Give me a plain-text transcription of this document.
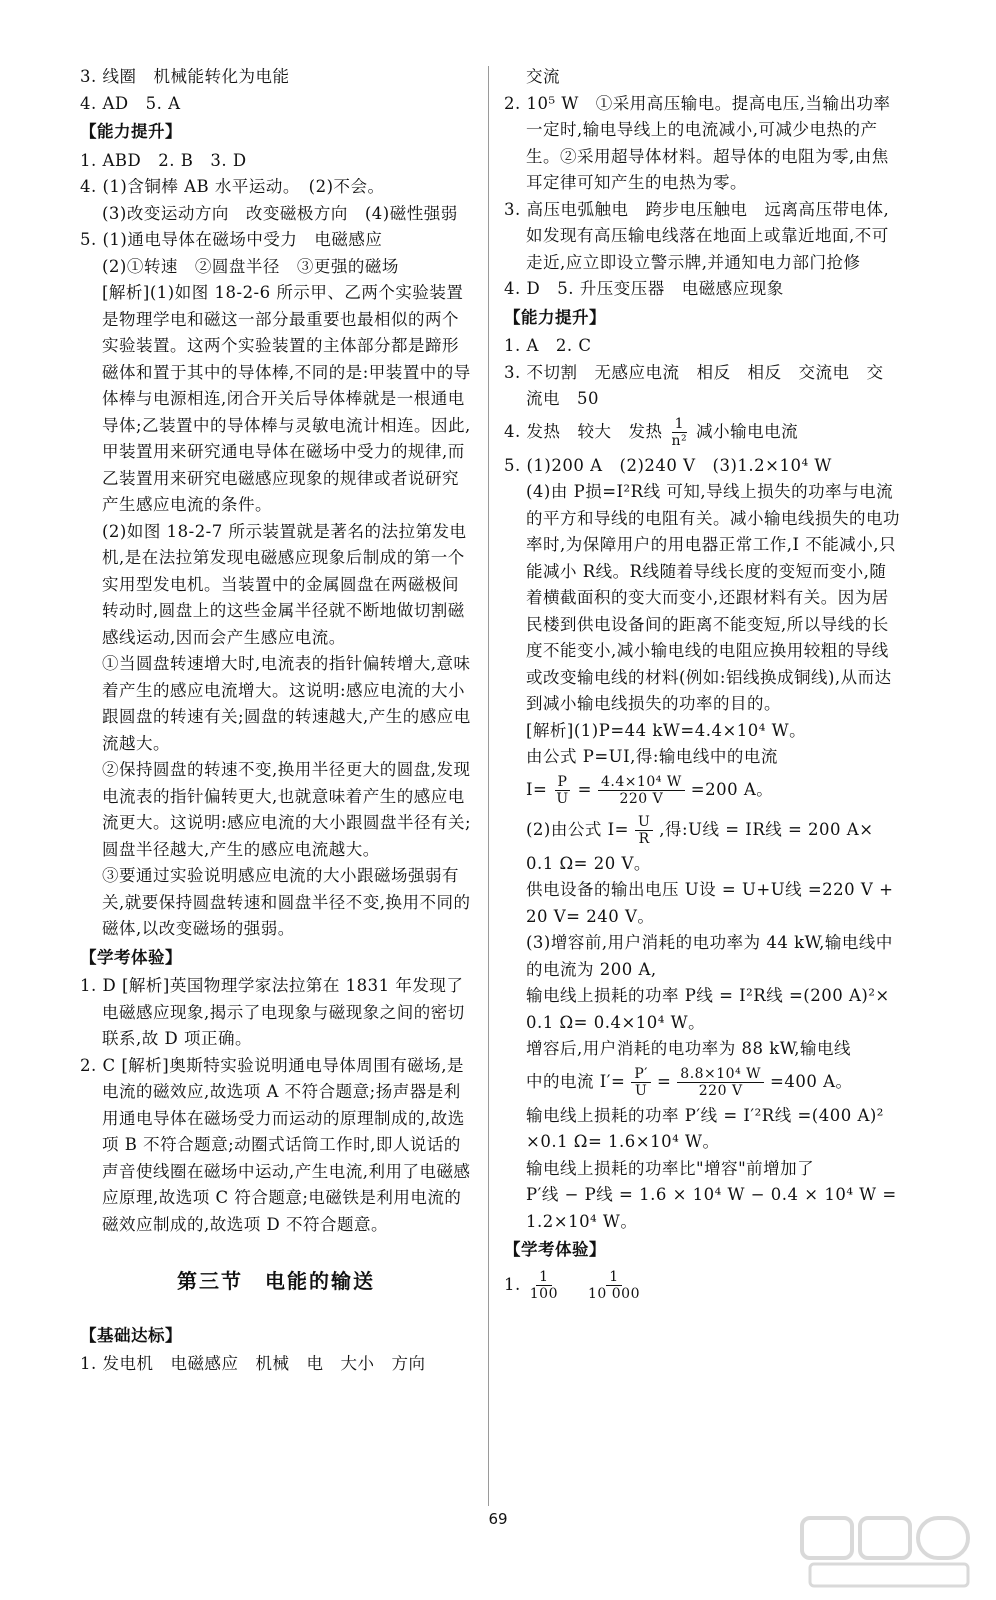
3. 线圈　机械能转化为电能

4. AD　5. A

【能力提升】

1. ABD　2. B　3. D

4. (1)含铜棒 AB 水平运动。　(2)不会。

(3)改变运动方向　改变磁极方向　(4)磁性强弱

5. (1)通电导体在磁场中受力　电磁感应

(2)①转速　②圆盘半径　③更强的磁场

[解析](1)如图 18-2-6 所示甲、乙两个实验装置是物理学电和磁这一部分最重要也最相似的两个实验装置。这两个实验装置的主体部分都是蹄形磁体和置于其中的导体棒,不同的是:甲装置中的导体棒与电源相连,闭合开关后导体棒就是一根通电导体;乙装置中的导体棒与灵敏电流计相连。因此,甲装置用来研究通电导体在磁场中受力的规律,而乙装置用来研究电磁感应现象的规律或者说研究产生感应电流的条件。

(2)如图 18-2-7 所示装置就是著名的法拉第发电机,是在法拉第发现电磁感应现象后制成的第一个实用型发电机。当装置中的金属圆盘在两磁极间转动时,圆盘上的这些金属半径就不断地做切割磁感线运动,因而会产生感应电流。

①当圆盘转速增大时,电流表的指针偏转增大,意味着产生的感应电流增大。这说明:感应电流的大小跟圆盘的转速有关;圆盘的转速越大,产生的感应电流越大。

②保持圆盘的转速不变,换用半径更大的圆盘,发现电流表的指针偏转更大,也就意味着产生的感应电流更大。这说明:感应电流的大小跟圆盘半径有关;圆盘半径越大,产生的感应电流越大。

③要通过实验说明感应电流的大小跟磁场强弱有关,就要保持圆盘转速和圆盘半径不变,换用不同的磁体,以改变磁场的强弱。

【学考体验】

1. D [解析]英国物理学家法拉第在 1831 年发现了电磁感应现象,揭示了电现象与磁现象之间的密切联系,故 D 项正确。

2. C [解析]奥斯特实验说明通电导体周围有磁场,是电流的磁效应,故选项 A 不符合题意;扬声器是利用通电导体在磁场受力而运动的原理制成的,故选项 B 不符合题意;动圈式话筒工作时,即人说话的声音使线圈在磁场中运动,产生电流,利用了电磁感应原理,故选项 C 符合题意;电磁铁是利用电流的磁效应制成的,故选项 D 不符合题意。

第三节　电能的输送

【基础达标】

1. 发电机　电磁感应　机械　电　大小　方向

交流

2. 10⁵ W　①采用高压输电。提高电压,当输出功率一定时,输电导线上的电流减小,可减少电热的产生。②采用超导体材料。超导体的电阻为零,由焦耳定律可知产生的电热为零。

3. 高压电弧触电　跨步电压触电　远离高压带电体,如发现有高压输电线落在地面上或靠近地面,不可走近,应立即设立警示牌,并通知电力部门抢修

4. D　5. 升压变压器　电磁感应现象

【能力提升】

1. A　2. C

3. 不切割　无感应电流　相反　相反　交流电　交流电　50

4. 发热　较大　发热 $\frac{1}{\text{n²}}$ 减小输电电流

5. (1)200 A　(2)240 V　(3)1.2×10⁴ W

(4)由 P损=I²R线 可知,导线上损失的功率与电流的平方和导线的电阻有关。减小输电线损失的电功率时,为保障用户的用电器正常工作,I 不能减小,只能减小 R线。R线随着导线长度的变短而变小,随着横截面积的变大而变小,还跟材料有关。因为居民楼到供电设备间的距离不能变短,所以导线的长度不能变小,减小输电线的电阻应换用较粗的导线或改变输电线的材料(例如:铝线换成铜线),从而达到减小输电线损失的功率的目的。

[解析](1)P=44 kW=4.4×10⁴ W。

由公式 P=UI,得:输电线中的电流

$I= \frac{P}{U} = \frac{\text{4.4×10⁴ W}}{220 V} =200$ A。
(2)由公式 $I= \frac{U}{R}$ ,得:U线 = IR线 = 200 A×

0.1 Ω= 20 V。

供电设备的输出电压 U设 = U+U线 =220 V + 20 V= 240 V。

(3)增容前,用户消耗的电功率为 44 kW,输电线中的电流为 200 A,

输电线上损耗的功率 P线 = I²R线 =(200 A)²× 0.1 Ω= 0.4×10⁴ W。

增容后,用户消耗的电功率为 88 kW,输电线

中的电流 $I'= \frac{P'}{U} = \frac{\text{8.8×10⁴ W}}{220 V} =400$ A。

输电线上损耗的功率 P′线 = I′²R线 =(400 A)² ×0.1 Ω= 1.6×10⁴ W。

输电线上损耗的功率比"增容"前增加了

P′线 − P线 = 1.6 × 10⁴ W − 0.4 × 10⁴ W = 1.2×10⁴ W。

【学考体验】

1. $\frac{1}{100} \frac{1}{10 000}$
69
